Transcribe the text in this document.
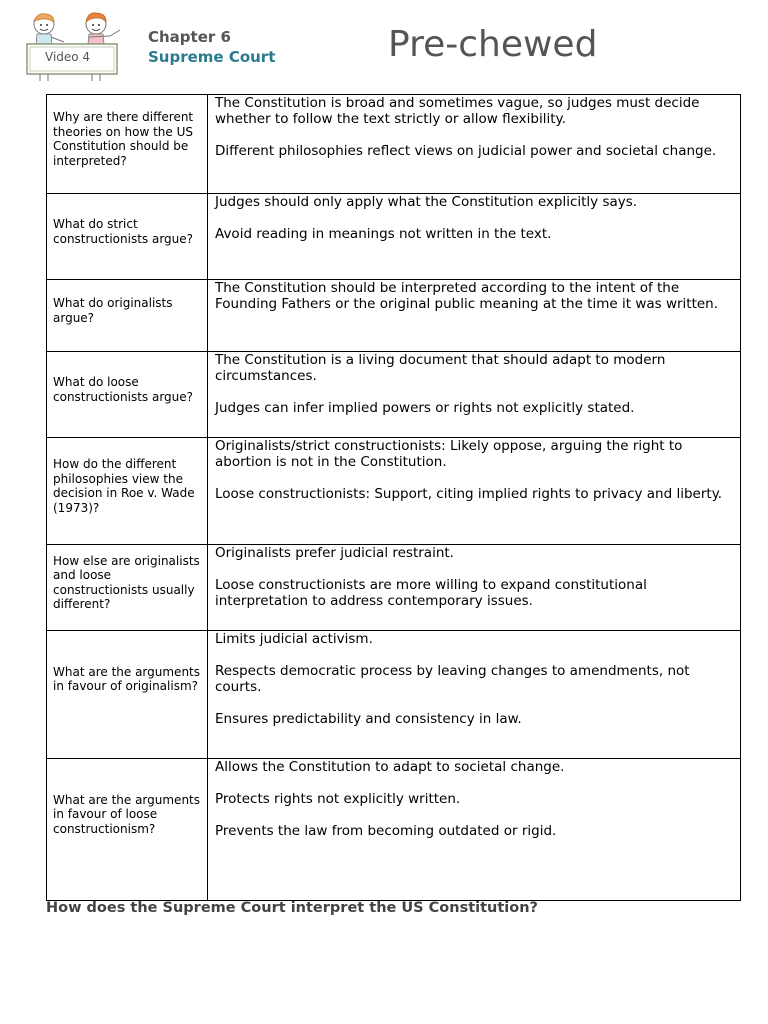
Video 4
Chapter 6
Supreme Court	Pre-chewed
Why are there different theories on how the US Constitution should be interpreted?	The Constitution is broad and sometimes vague, so judges must decide whether to follow the text strictly or allow flexibility.

Different philosophies reflect views on judicial power and societal change.

What do strict constructionists argue?	Judges should only apply what the Constitution explicitly says.

Avoid reading in meanings not written in the text.

What do originalists argue?	The Constitution should be interpreted according to the intent of the Founding Fathers or the original public meaning at the time it was written.

What do loose constructionists argue?	The Constitution is a living document that should adapt to modern circumstances.

Judges can infer implied powers or rights not explicitly stated.

How do the different philosophies view the decision in Roe v. Wade (1973)?	Originalists/strict constructionists: Likely oppose, arguing the right to abortion is not in the Constitution.

Loose constructionists: Support, citing implied rights to privacy and liberty.

How else are originalists and loose constructionists usually different?	Originalists prefer judicial restraint.

Loose constructionists are more willing to expand constitutional interpretation to address contemporary issues.

What are the arguments in favour of originalism?	Limits judicial activism.

Respects democratic process by leaving changes to amendments, not courts.

Ensures predictability and consistency in law.

What are the arguments in favour of loose constructionism?	Allows the Constitution to adapt to societal change.

Protects rights not explicitly written.

Prevents the law from becoming outdated or rigid.

How does the Supreme Court interpret the US Constitution?
